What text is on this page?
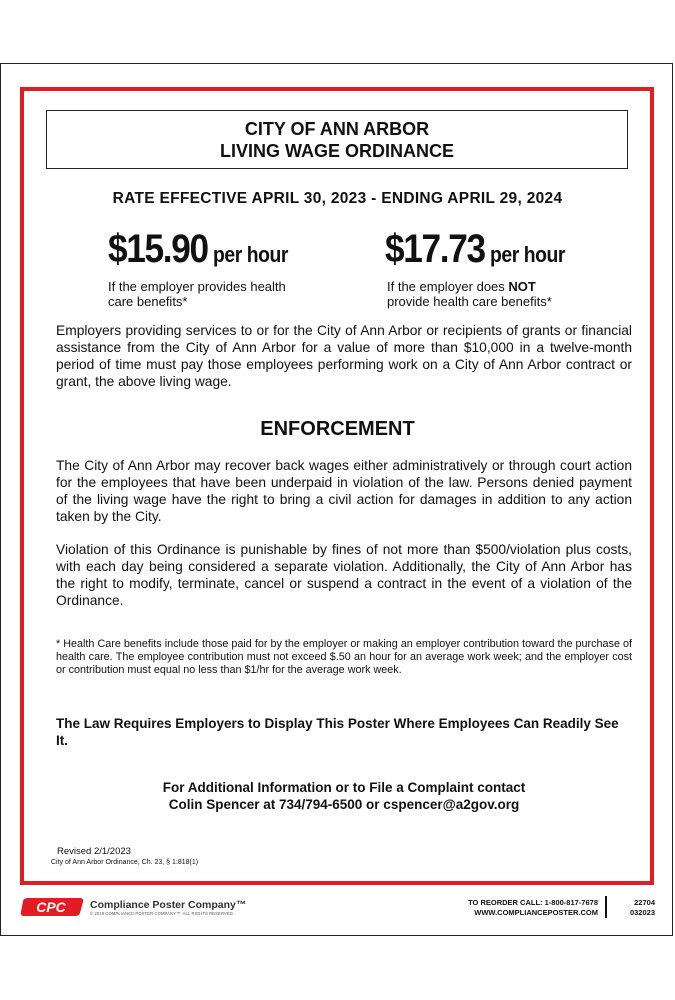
CITY OF ANN ARBOR
LIVING WAGE ORDINANCE
RATE EFFECTIVE APRIL 30, 2023 - ENDING APRIL 29, 2024
$15.90 per hour
If the employer provides health
care benefits*
$17.73 per hour
If the employer does NOT
provide health care benefits*
Employers providing services to or for the City of Ann Arbor or recipients of grants or financial assistance from the City of Ann Arbor for a value of more than $10,000 in a twelve-month period of time must pay those employees performing work on a City of Ann Arbor contract or grant, the above living wage.
ENFORCEMENT
The City of Ann Arbor may recover back wages either administratively or through court action for the employees that have been underpaid in violation of the law. Persons denied payment of the living wage have the right to bring a civil action for damages in addition to any action taken by the City.
Violation of this Ordinance is punishable by fines of not more than $500/violation plus costs, with each day being considered a separate violation. Additionally, the City of Ann Arbor has the right to modify, terminate, cancel or suspend a contract in the event of a violation of the Ordinance.
* Health Care benefits include those paid for by the employer or making an employer contribution toward the purchase of health care. The employee contribution must not exceed $.50 an hour for an average work week; and the employer cost or contribution must equal no less than $1/hr for the average work week.
The Law Requires Employers to Display This Poster Where Employees Can Readily See It.
For Additional Information or to File a Complaint contact
Colin Spencer at 734/794-6500 or cspencer@a2gov.org
Revised 2/1/2023
City of Ann Arbor Ordinance, Ch. 23, § 1:818(1)
CPC Compliance Poster Company™
© 2019 COMPLIANCE POSTER COMPANY™. ALL RIGHTS RESERVED.
TO REORDER CALL: 1-800-817-7678
WWW.COMPLIANCEPOSTER.COM
22704
032023
